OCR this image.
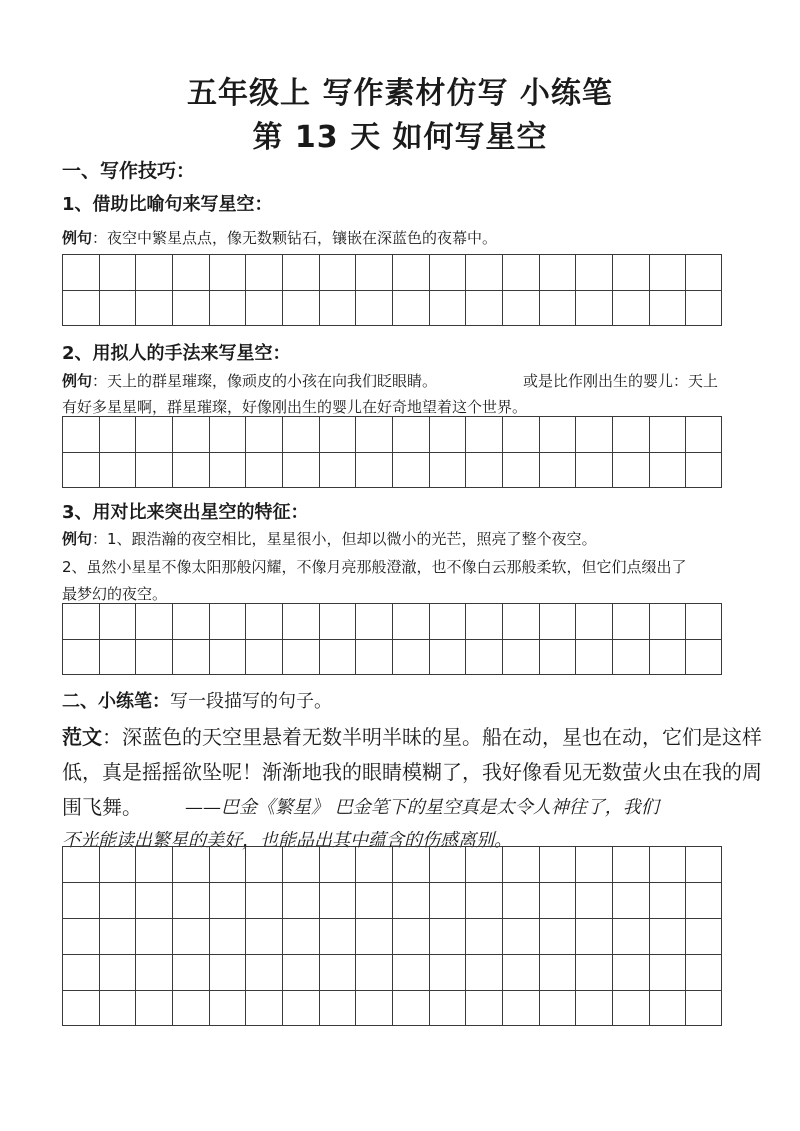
五年级上 写作素材仿写 小练笔
第 13 天 如何写星空
一、写作技巧：
1、借助比喻句来写星空：
例句：夜空中繁星点点，像无数颗钻石，镶嵌在深蓝色的夜幕中。
2、用拟人的手法来写星空：
例句：天上的群星璀璨，像顽皮的小孩在向我们眨眼睛。	或是比作刚出生的婴儿：天上
有好多星星啊，群星璀璨，好像刚出生的婴儿在好奇地望着这个世界。
3、用对比来突出星空的特征：
例句：1、跟浩瀚的夜空相比，星星很小，但却以微小的光芒，照亮了整个夜空。
2、虽然小星星不像太阳那般闪耀，不像月亮那般澄澈，也不像白云那般柔软，但它们点缀出了
最梦幻的夜空。
二、小练笔：写一段描写的句子。
范文：深蓝色的天空里悬着无数半明半昧的星。船在动，星也在动，它们是这样
低，真是摇摇欲坠呢！渐渐地我的眼睛模糊了，我好像看见无数萤火虫在我的周
围飞舞。 ——巴金《繁星》 巴金笔下的星空真是太令人神往了，我们
不光能读出繁星的美好，也能品出其中蕴含的伤感离别。
